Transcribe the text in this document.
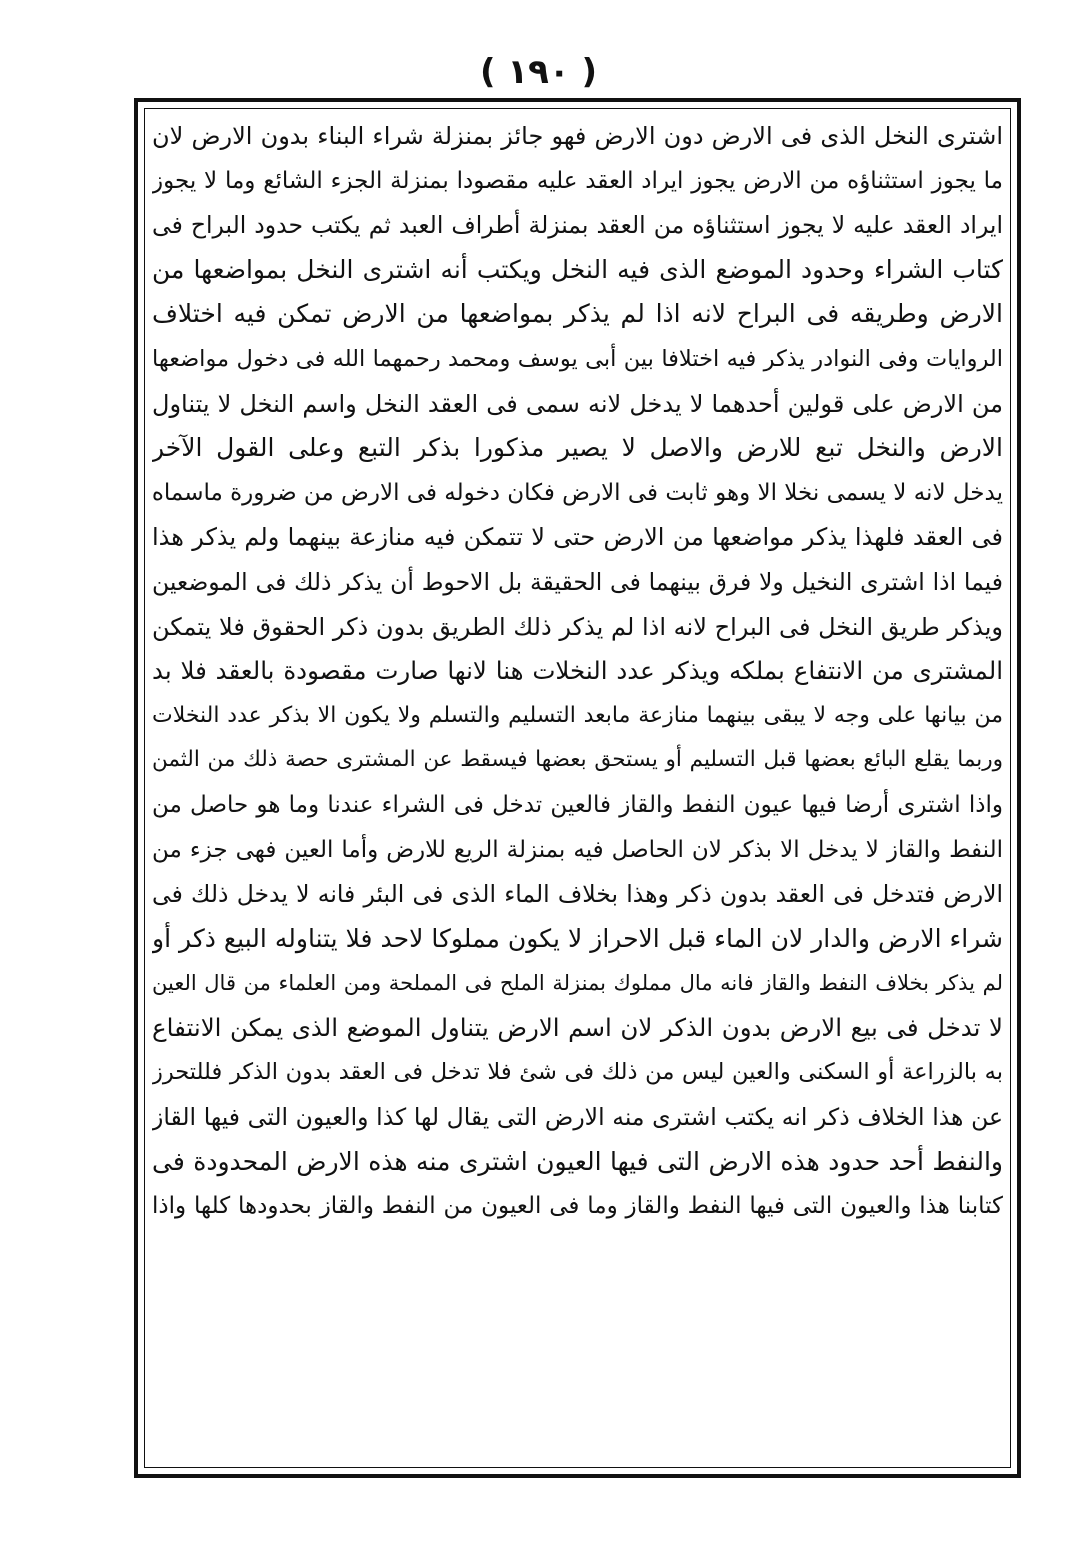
( ١٩٠ )
اشترى النخل الذى فى الارض دون الارض فهو جائز بمنزلة شراء البناء بدون الارض لان
ما يجوز استثناؤه من الارض يجوز ايراد العقد عليه مقصودا بمنزلة الجزء الشائع وما لا يجوز
ايراد العقد عليه لا يجوز استثناؤه من العقد بمنزلة أطراف العبد ثم يكتب حدود البراح فى
كتاب الشراء وحدود الموضع الذى فيه النخل ويكتب أنه اشترى النخل بمواضعها من
الارض وطريقه فى البراح لانه اذا لم يذكر بمواضعها من الارض تمكن فيه اختلاف
الروايات وفى النوادر يذكر فيه اختلافا بين أبى يوسف ومحمد رحمهما الله فى دخول مواضعها
من الارض على قولين أحدهما لا يدخل لانه سمى فى العقد النخل واسم النخل لا يتناول
الارض والنخل تبع للارض والاصل لا يصير مذكورا بذكر التبع وعلى القول الآخر
يدخل لانه لا يسمى نخلا الا وهو ثابت فى الارض فكان دخوله فى الارض من ضرورة ماسماه
فى العقد فلهذا يذكر مواضعها من الارض حتى لا تتمكن فيه منازعة بينهما ولم يذكر هذا
فيما اذا اشترى النخيل ولا فرق بينهما فى الحقيقة بل الاحوط أن يذكر ذلك فى الموضعين
ويذكر طريق النخل فى البراح لانه اذا لم يذكر ذلك الطريق بدون ذكر الحقوق فلا يتمكن
المشترى من الانتفاع بملكه ويذكر عدد النخلات هنا لانها صارت مقصودة بالعقد فلا بد
من بيانها على وجه لا يبقى بينهما منازعة مابعد التسليم والتسلم ولا يكون الا بذكر عدد النخلات
وربما يقلع البائع بعضها قبل التسليم أو يستحق بعضها فيسقط عن المشترى حصة ذلك من الثمن
واذا اشترى أرضا فيها عيون النفط والقاز فالعين تدخل فى الشراء عندنا وما هو حاصل من
النفط والقاز لا يدخل الا بذكر لان الحاصل فيه بمنزلة الريع للارض وأما العين فهى جزء من
الارض فتدخل فى العقد بدون ذكر وهذا بخلاف الماء الذى فى البئر فانه لا يدخل ذلك فى
شراء الارض والدار لان الماء قبل الاحراز لا يكون مملوكا لاحد فلا يتناوله البيع ذكر أو
لم يذكر بخلاف النفط والقاز فانه مال مملوك بمنزلة الملح فى المملحة ومن العلماء من قال العين
لا تدخل فى بيع الارض بدون الذكر لان اسم الارض يتناول الموضع الذى يمكن الانتفاع
به بالزراعة أو السكنى والعين ليس من ذلك فى شئ فلا تدخل فى العقد بدون الذكر فللتحرز
عن هذا الخلاف ذكر انه يكتب اشترى منه الارض التى يقال لها كذا والعيون التى فيها القاز
والنفط أحد حدود هذه الارض التى فيها العيون اشترى منه هذه الارض المحدودة فى
كتابنا هذا والعيون التى فيها النفط والقاز وما فى العيون من النفط والقاز بحدودها كلها واذا
